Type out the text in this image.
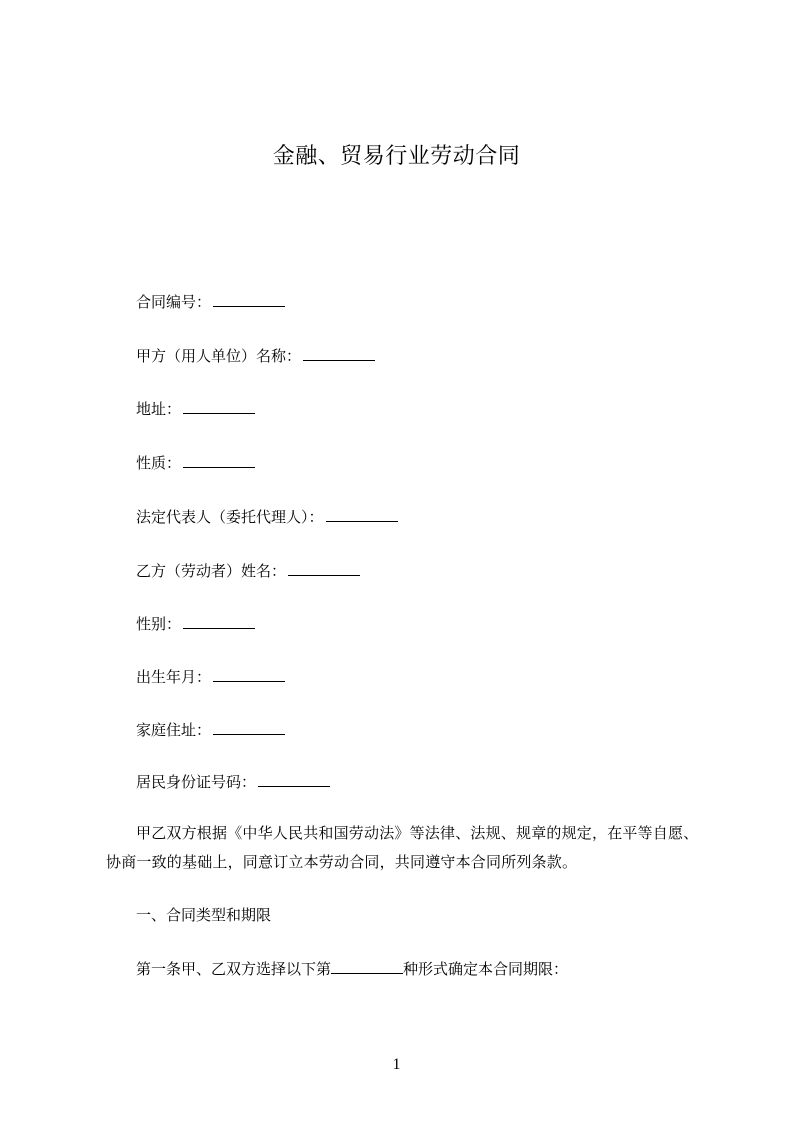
金融、贸易行业劳动合同
合同编号：
甲方（用人单位）名称：
地址：
性质：
法定代表人（委托代理人）：
乙方（劳动者）姓名：
性别：
出生年月：
家庭住址：
居民身份证号码：
甲乙双方根据《中华人民共和国劳动法》等法律、法规、规章的规定，在平等自愿、协商一致的基础上，同意订立本劳动合同，共同遵守本合同所列条款。
一、合同类型和期限
第一条甲、乙双方选择以下第	种形式确定本合同期限：
1
